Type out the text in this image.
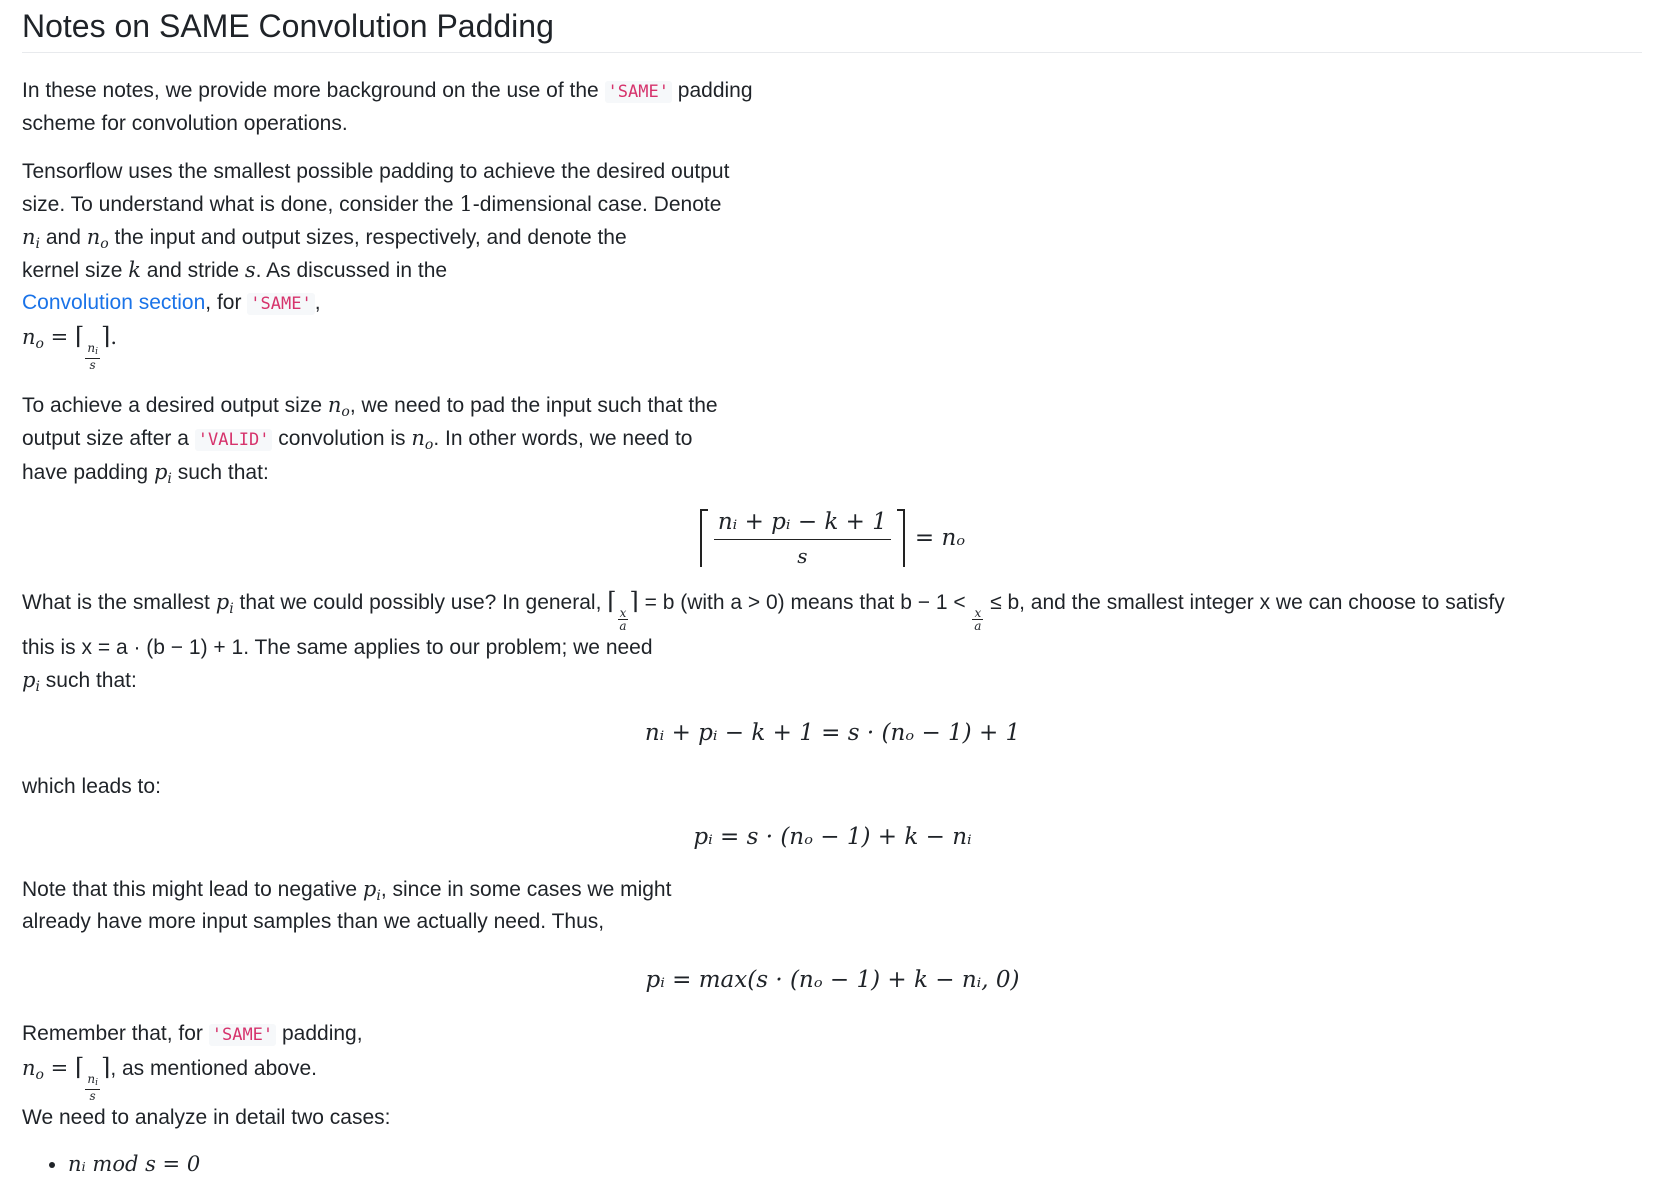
Notes on SAME Convolution Padding

In these notes, we provide more background on the use of the 'SAME' padding
scheme for convolution operations.

Tensorflow uses the smallest possible padding to achieve the desired output
size. To understand what is done, consider the 1-dimensional case. Denote
$n_i$ and $n_o$ the input and output sizes, respectively, and denote the
kernel size k and stride s. As discussed in the
Convolution section, for 'SAME' ,
$n_o$ = ⌈
$\frac{n_i}{s}$
⌉.

To achieve a desired output size $n_o$, we need to pad the input such that the
output size after a 'VALID' convolution is $n_o$. In other words, we need to
have padding $p_i$ such that:

$\frac{\text{nᵢ + pᵢ − k + 1}}{s} = n_o$

What is the smallest $p_i$ that we could possibly use? In general, ⌈
$\frac{x}{a}$
⌉ = b (with a > 0) means that b − 1 <
$\frac{x}{a}$
≤ b, and the smallest integer x we can choose to satisfy
this is x = a · (b − 1) + 1. The same applies to our problem; we need
$p_i$ such that:

nᵢ + pᵢ − k + 1 = s · (nₒ − 1) + 1

which leads to:

pᵢ = s · (nₒ − 1) + k − nᵢ

Note that this might lead to negative $p_i$, since in some cases we might
already have more input samples than we actually need. Thus,

pᵢ = max(s · (nₒ − 1) + k − nᵢ, 0)

Remember that, for 'SAME' padding,
$n_o$ = ⌈
$\frac{n_i}{s}$
⌉, as mentioned above.
We need to analyze in detail two cases:

• nᵢ mod s = 0
